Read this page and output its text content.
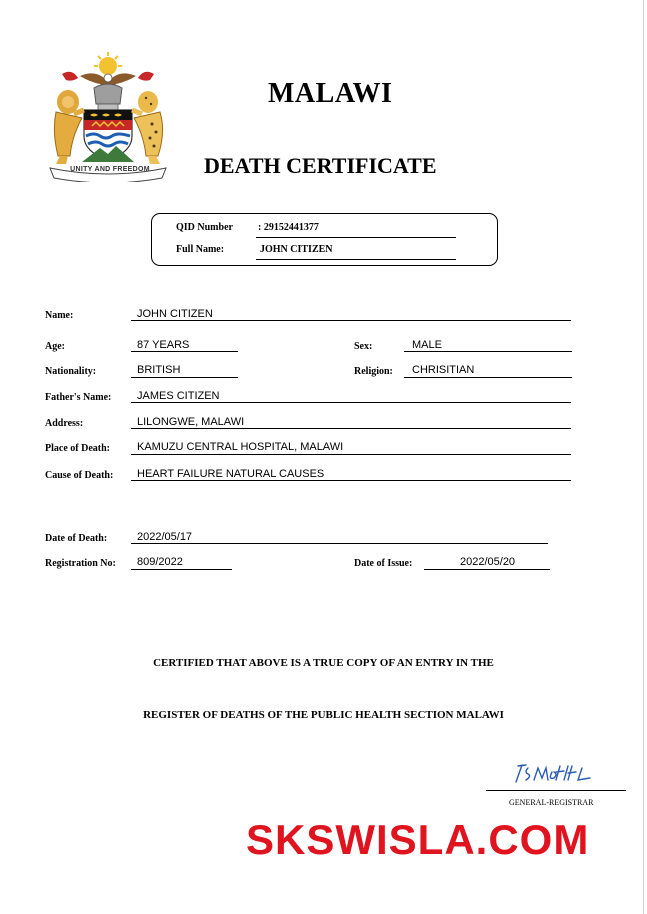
UNITY AND FREEDOM
MALAWI
DEATH CERTIFICATE
QID Number	: 29152441377
Full Name:	JOHN CITIZEN
Name:	JOHN CITIZEN
Age:	87 YEARS	Sex:	MALE
Nationality:	BRITISH	Religion: CHRISITIAN
Father's Name: JAMES CITIZEN
Address:	LILONGWE, MALAWI
Place of Death: KAMUZU CENTRAL HOSPITAL, MALAWI
Cause of Death: HEART FAILURE NATURAL CAUSES
Date of Death:	2022/05/17
Registration No: 809/2022	Date of Issue:	2022/05/20
CERTIFIED THAT ABOVE IS A TRUE COPY OF AN ENTRY IN THE
REGISTER OF DEATHS OF THE PUBLIC HEALTH SECTION MALAWI
GENERAL-REGISTRAR
SKSWISLA.COM
